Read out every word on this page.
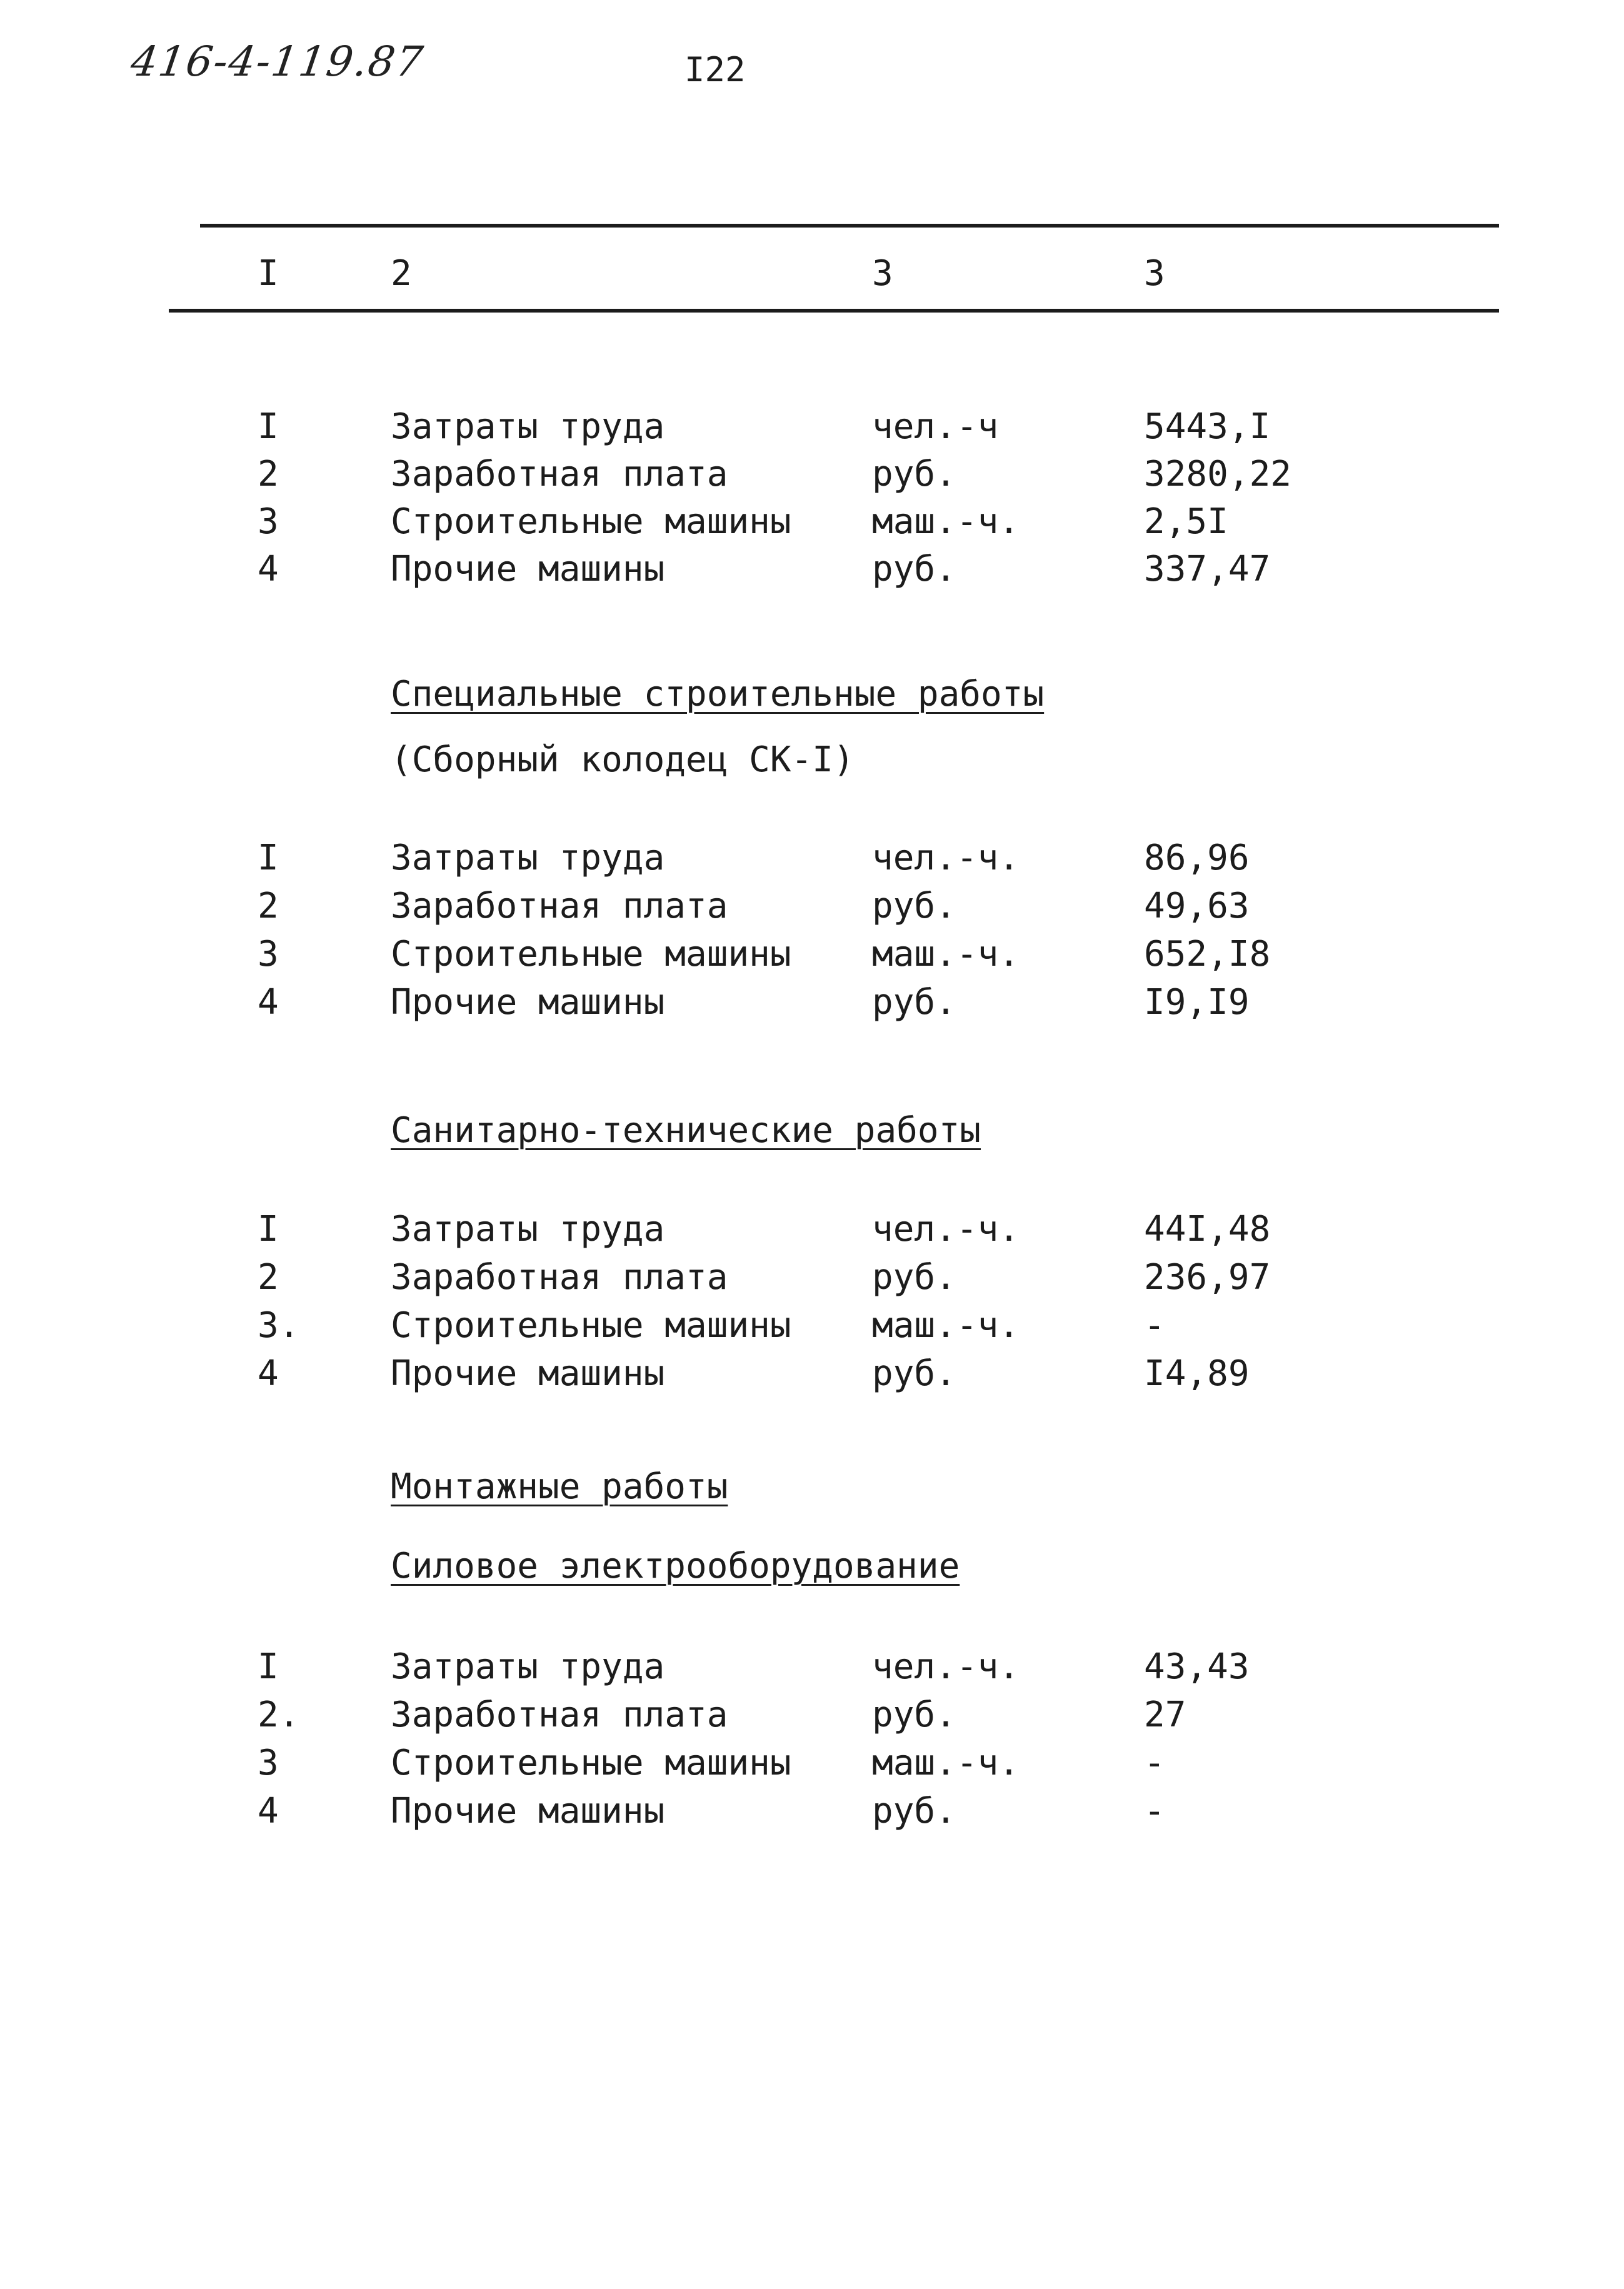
416-4-119.87	I22
I	2	3	3
I	Затраты труда	чел.-ч	5443,I
2	Заработная плата	руб.	3280,22
3	Строительные машины маш.-ч.	2,5I
4	Прочие машины	руб.	337,47
Специальные строительные работы
(Сборный колодец СК-I)
I	Затраты труда	чел.-ч.	86,96
2	Заработная плата	руб.	49,63
3	Строительные машины маш.-ч.	652,I8
4	Прочие машины	руб.	I9,I9
Санитарно-технические работы
I	Затраты труда	чел.-ч.	44I,48
2	Заработная плата	руб.	236,97
3.	Строительные машины маш.-ч.	-
4	Прочие машины	руб.	I4,89
Монтажные работы
Силовое электрооборудование
I	Затраты труда	чел.-ч.	43,43
2.	Заработная плата	руб.	27
3	Строительные машины маш.-ч.	-
4	Прочие машины	руб.	-
